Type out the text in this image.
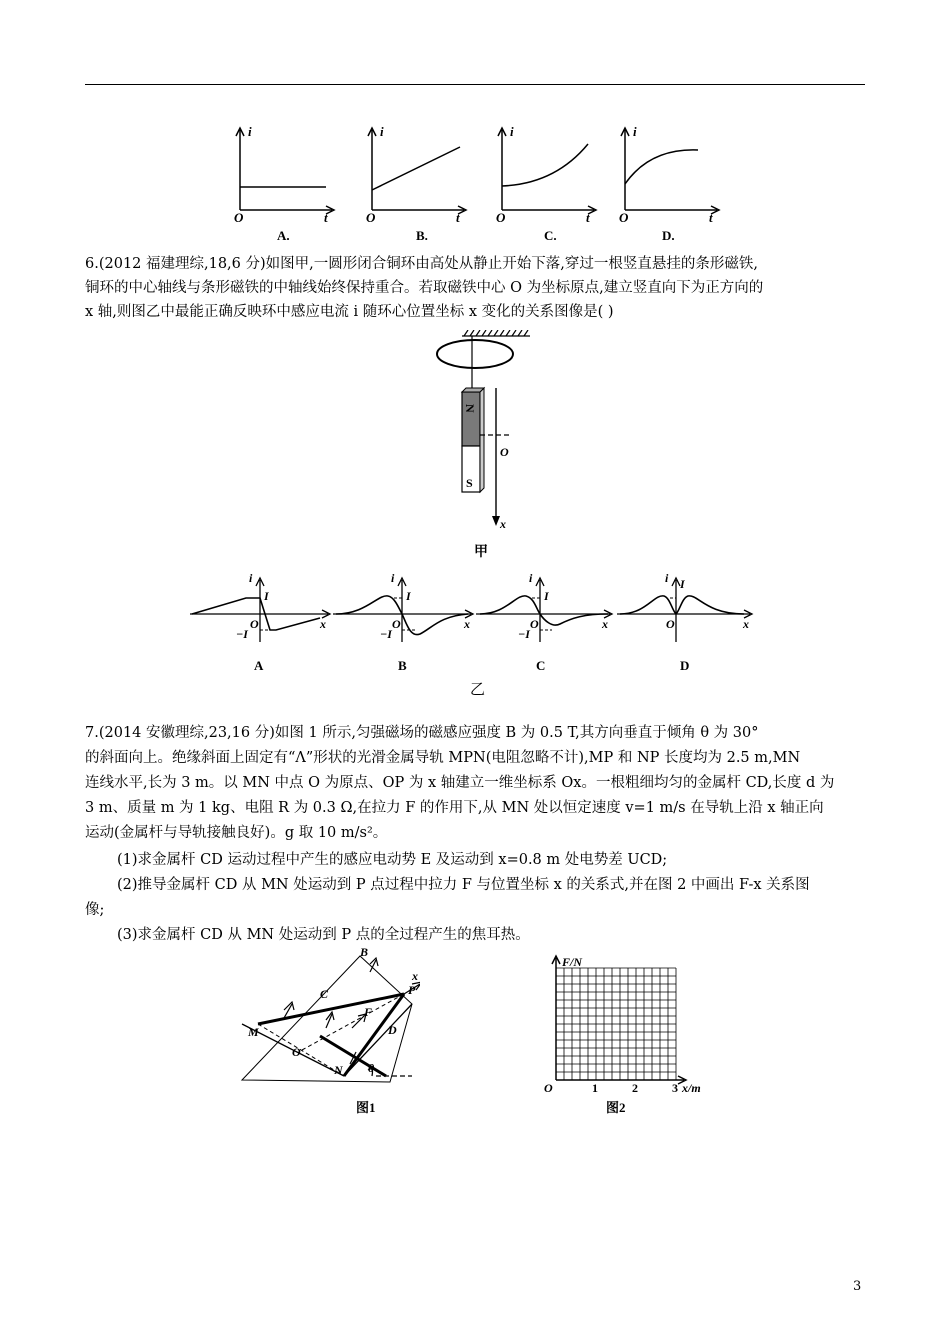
i
O	t
A.
i
O	t
B.
i
O	t
C.
i
O	t
D.
6.(2012 福建理综,18,6 分)如图甲,一圆形闭合铜环由高处从静止开始下落,穿过一根竖直悬挂的条形磁铁,
铜环的中心轴线与条形磁铁的中轴线始终保持重合。若取磁铁中心 O 为坐标原点,建立竖直向下为正方向的
x 轴,则图乙中最能正确反映环中感应电流 i 随环心位置坐标 x 变化的关系图像是( )
N
S
O
x
甲
i
I
O
−I
x
A
i
I
O
−I
x
B
i
I
O
−I
x
C
i I
O	x
D
乙
7.(2014 安徽理综,23,16 分)如图 1 所示,匀强磁场的磁感应强度 B 为 0.5 T,其方向垂直于倾角 θ 为 30°
的斜面向上。绝缘斜面上固定有“Λ”形状的光滑金属导轨 MPN(电阻忽略不计),MP 和 NP 长度均为 2.5 m,MN
连线水平,长为 3 m。以 MN 中点 O 为原点、OP 为 x 轴建立一维坐标系 Ox。一根粗细均匀的金属杆 CD,长度 d 为
3 m、质量 m 为 1 kg、电阻 R 为 0.3 Ω,在拉力 F 的作用下,从 MN 处以恒定速度 v=1 m/s 在导轨上沿 x 轴正向
运动(金属杆与导轨接触良好)。g 取 10 m/s²。
(1)求金属杆 CD 运动过程中产生的感应电动势 E 及运动到 x=0.8 m 处电势差 UCD;
(2)推导金属杆 CD 从 MN 处运动到 P 点过程中拉力 F 与位置坐标 x 的关系式,并在图 2 中画出 F-x 关系图
像;
(3)求金属杆 CD 从 MN 处运动到 P 点的全过程产生的焦耳热。
B
C	P
x
F
M
O
D
N θ
图1
F/N
O	1	2	3 x/m
图2
3
